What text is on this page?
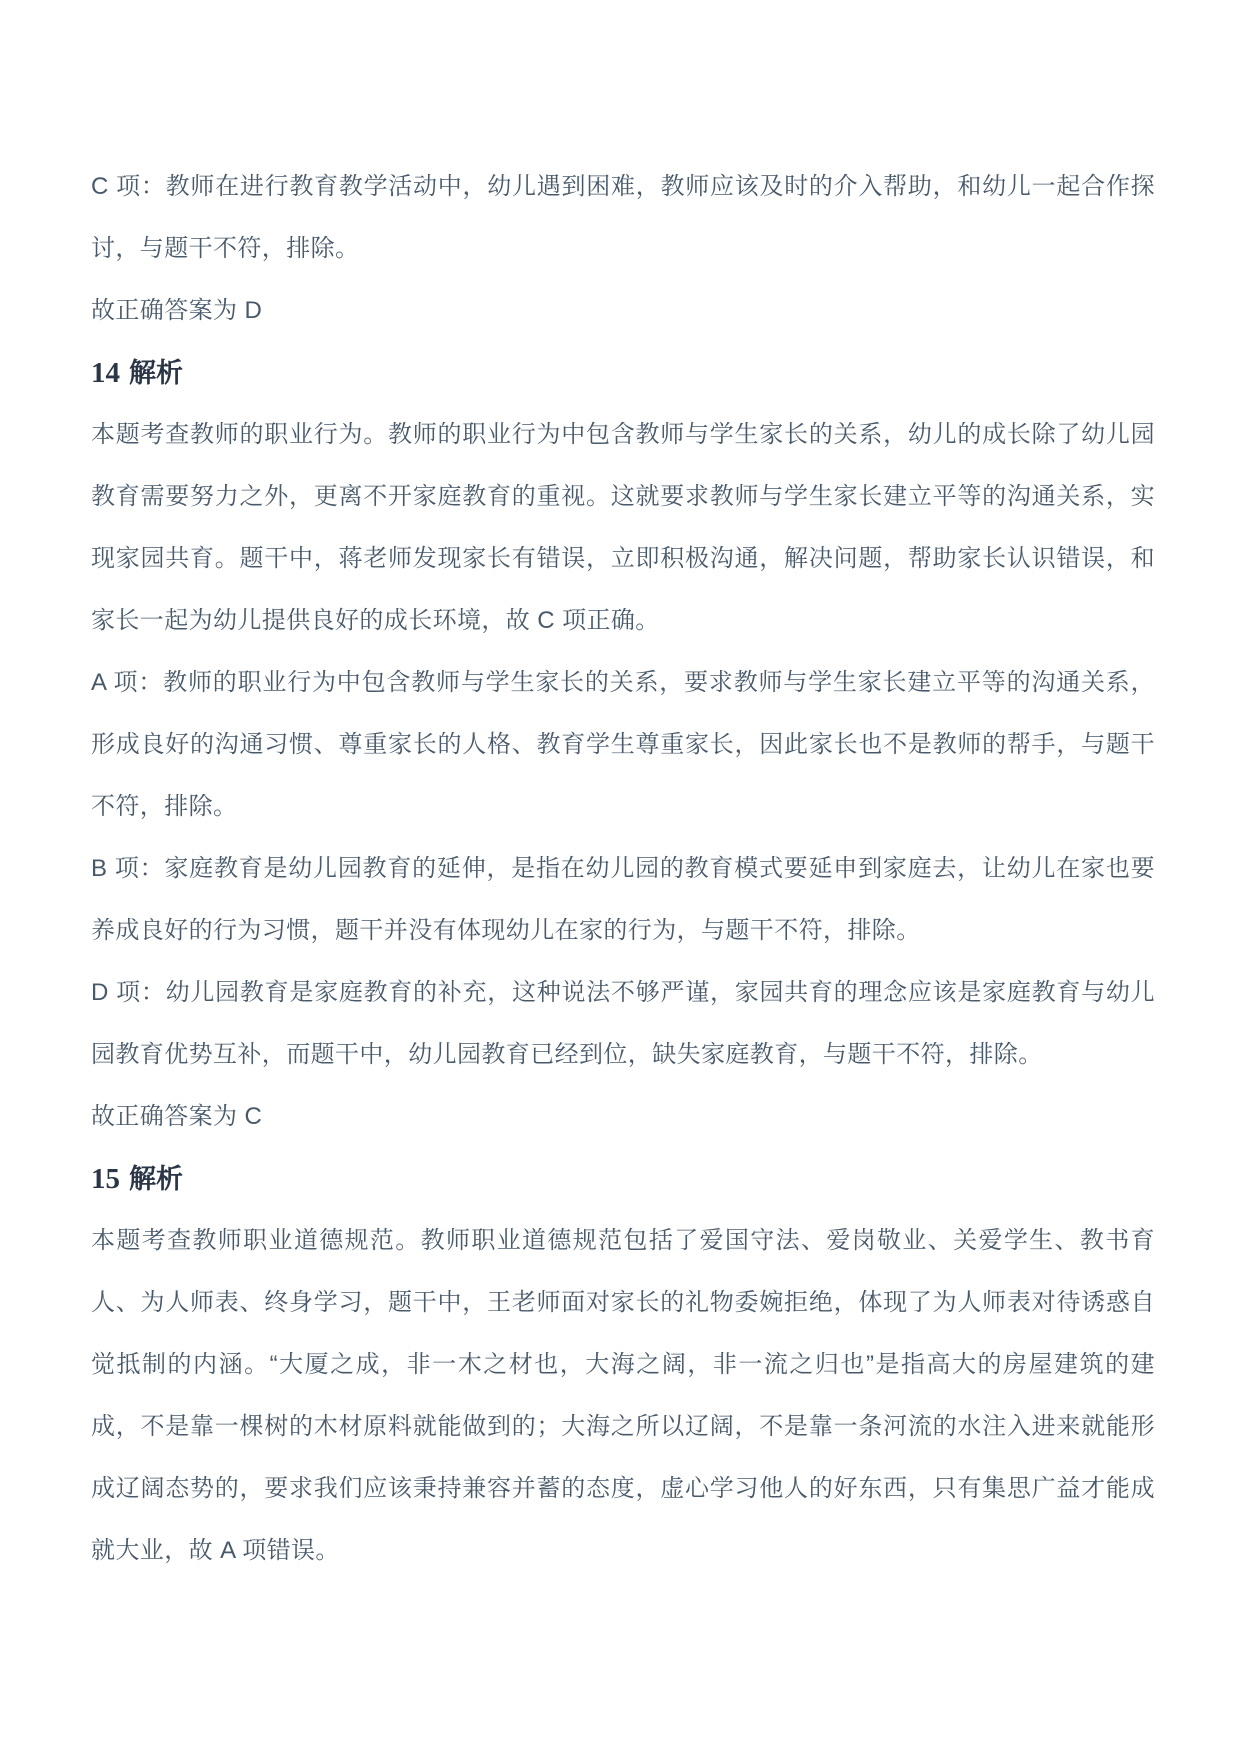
C 项：教师在进行教育教学活动中，幼儿遇到困难，教师应该及时的介入帮助，和幼儿一起合作探讨，与题干不符，排除。

故正确答案为 D

14 解析

本题考查教师的职业行为。教师的职业行为中包含教师与学生家长的关系，幼儿的成长除了幼儿园教育需要努力之外，更离不开家庭教育的重视。这就要求教师与学生家长建立平等的沟通关系，实现家园共育。题干中，蒋老师发现家长有错误，立即积极沟通，解决问题，帮助家长认识错误，和家长一起为幼儿提供良好的成长环境，故 C 项正确。

A 项：教师的职业行为中包含教师与学生家长的关系，要求教师与学生家长建立平等的沟通关系，形成良好的沟通习惯、尊重家长的人格、教育学生尊重家长，因此家长也不是教师的帮手，与题干不符，排除。

B 项：家庭教育是幼儿园教育的延伸，是指在幼儿园的教育模式要延申到家庭去，让幼儿在家也要养成良好的行为习惯，题干并没有体现幼儿在家的行为，与题干不符，排除。

D 项：幼儿园教育是家庭教育的补充，这种说法不够严谨，家园共育的理念应该是家庭教育与幼儿园教育优势互补，而题干中，幼儿园教育已经到位，缺失家庭教育，与题干不符，排除。

故正确答案为 C

15 解析

本题考查教师职业道德规范。教师职业道德规范包括了爱国守法、爱岗敬业、关爱学生、教书育人、为人师表、终身学习，题干中，王老师面对家长的礼物委婉拒绝，体现了为人师表对待诱惑自觉抵制的内涵。“大厦之成，非一木之材也，大海之阔，非一流之归也”是指高大的房屋建筑的建成，不是靠一棵树的木材原料就能做到的；大海之所以辽阔，不是靠一条河流的水注入进来就能形成辽阔态势的，要求我们应该秉持兼容并蓄的态度，虚心学习他人的好东西，只有集思广益才能成就大业，故 A 项错误。
